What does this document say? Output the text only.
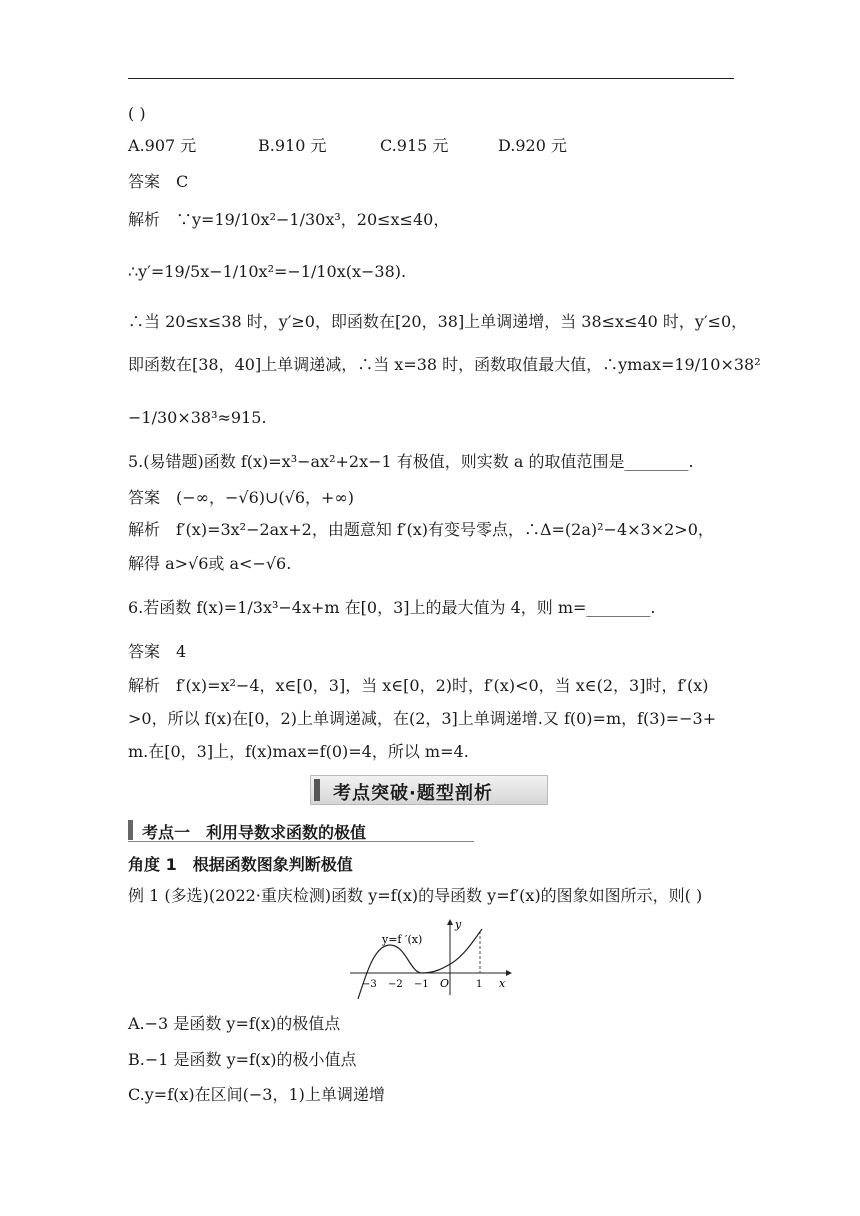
( )
A.907 元	B.910 元	C.915 元	D.920 元
答案　C
解析　∵y=19/10x²−1/30x³，20≤x≤40，
∴y′=19/5x−1/10x²=−1/10x(x−38).
∴当 20≤x≤38 时，y′≥0，即函数在[20，38]上单调递增，当 38≤x≤40 时，y′≤0，
即函数在[38，40]上单调递减，∴当 x=38 时，函数取值最大值，∴ymax=19/10×38²
−1/30×38³≈915.
5.(易错题)函数 f(x)=x³−ax²+2x−1 有极值，则实数 a 的取值范围是________.
答案　(−∞，−√6)∪(√6，+∞)
解析　f′(x)=3x²−2ax+2，由题意知 f′(x)有变号零点，∴Δ=(2a)²−4×3×2>0，
解得 a>√6或 a<−√6.
6.若函数 f(x)=1/3x³−4x+m 在[0，3]上的最大值为 4，则 m=________.
答案　4
解析　f′(x)=x²−4，x∈[0，3]，当 x∈[0，2)时，f′(x)<0，当 x∈(2，3]时，f′(x)
>0，所以 f(x)在[0，2)上单调递减，在(2，3]上单调递增.又 f(0)=m，f(3)=−3+
m.在[0，3]上，f(x)max=f(0)=4，所以 m=4.
考点突破·题型剖析
考点一　利用导数求函数的极值
角度 1　根据函数图象判断极值
例 1 (多选)(2022·重庆检测)函数 y=f(x)的导函数 y=f′(x)的图象如图所示，则( )
y=f ′(x)
y
x
O
−3 −2 −1	1
A.−3 是函数 y=f(x)的极值点
B.−1 是函数 y=f(x)的极小值点
C.y=f(x)在区间(−3，1)上单调递增
